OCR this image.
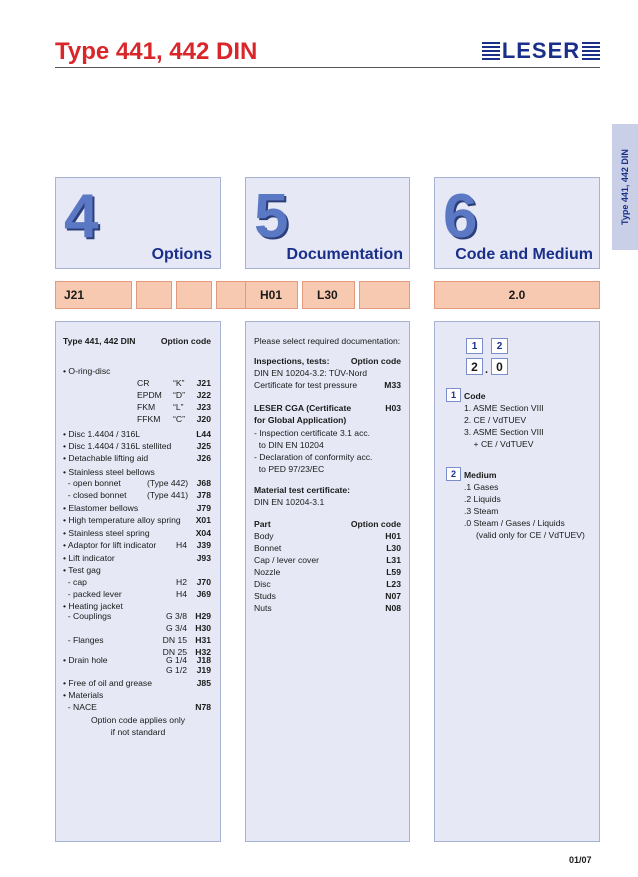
Type 441, 442 DIN	LESER
Type 441, 442 DIN
4
Options
5
Documentation
6
Code and Medium
J21	H01	L30	2.0
Type 441, 442 DIN	Option code
• O-ring-disc
CR	“K” J21
EPDM “D” J22
FKM “L” J23
FFKM “C” J20
• Disc 1.4404 / 316L	L44
• Disc 1.4404 / 316L stellited	J25
• Detachable lifting aid	J26
• Stainless steel bellows
- open bonnet	(Type 442) J68
- closed bonnet (Type 441) J78
• Elastomer bellows	J79
• High temperature alloy spring X01
• Stainless steel spring	X04
• Adaptor for lift indicator H4 J39
• Lift indicator	J93
• Test gag
- cap	H2 J70
- packed lever	H4 J69
• Heating jacket
- Couplings	G 3/8 H29
G 3/4 H30
- Flanges	DN 15 H31
DN 25 H32
• Drain hole	G 1/4 J18
G 1/2 J19
• Free of oil and grease	J85
• Materials
- NACE	N78
Option code applies only
if not standard
Please select required documentation:
Inspections, tests: Option code
DIN EN 10204-3.2: TÜV-Nord
Certificate for test pressure	M33
LESER CGA (Certificate	H03
for Global Application)
- Inspection certificate 3.1 acc.
to DIN EN 10204
- Declaration of conformity acc.
to PED 97/23/EC
Material test certificate:
DIN EN 10204-3.1
Part	Option code
Body	H01
Bonnet	L30
Cap / lever cover	L31
Nozzle	L59
Disc	L23
Studs	N07
Nuts	N08
1	2
2 . 0
1 Code
1. ASME Section VIII
2. CE / VdTUEV
3. ASME Section VIII
+ CE / VdTUEV
2 Medium
.1 Gases
.2 Liquids
.3 Steam
.0 Steam / Gases / Liquids
(valid only for CE / VdTUEV)
01/07
